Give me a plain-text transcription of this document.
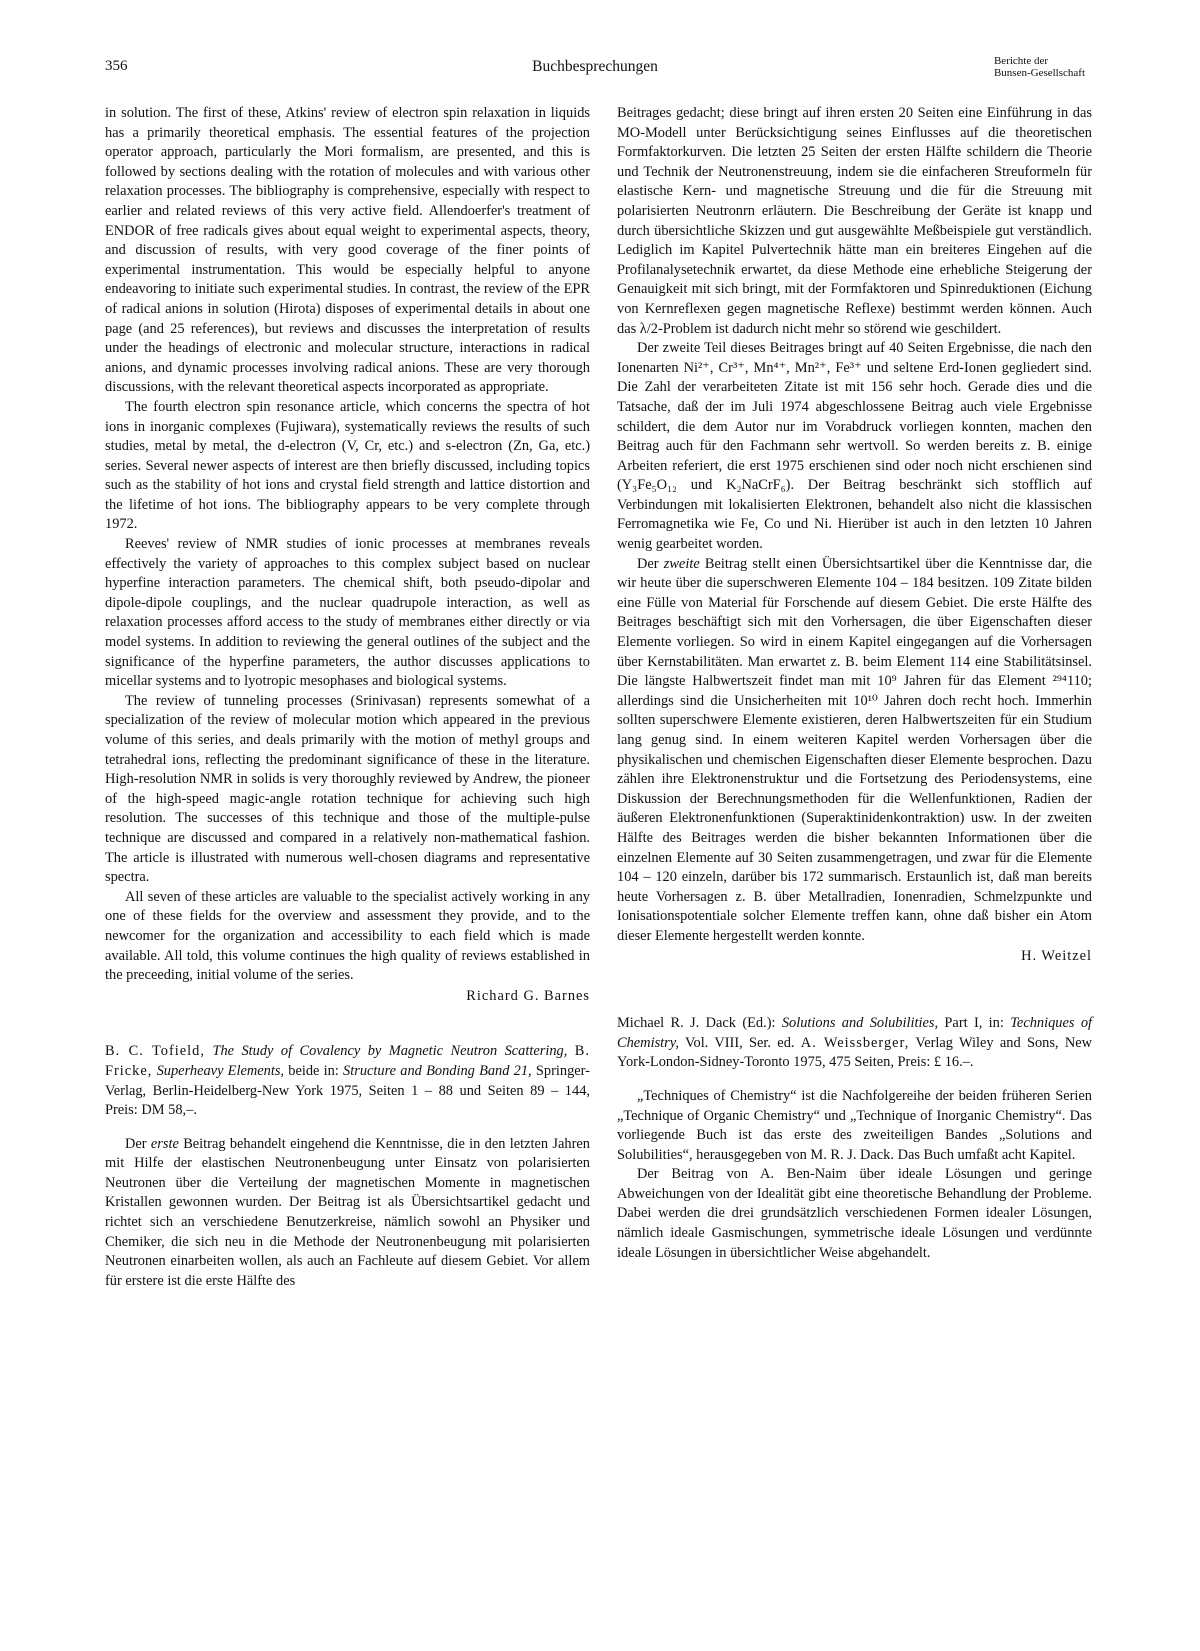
356	Buchbesprechungen	Berichte der
Bunsen-Gesellschaft

in solution. The first of these, Atkins' review of electron spin relaxation in liquids has a primarily theoretical emphasis. The essential features of the projection operator approach, particularly the Mori formalism, are presented, and this is followed by sections dealing with the rotation of molecules and with various other relaxation processes. The bibliography is comprehensive, especially with respect to earlier and related reviews of this very active field. Allendoerfer's treatment of ENDOR of free radicals gives about equal weight to experimental aspects, theory, and discussion of results, with very good coverage of the finer points of experimental instrumentation. This would be especially helpful to anyone endeavoring to initiate such experimental studies. In contrast, the review of the EPR of radical anions in solution (Hirota) disposes of experimental details in about one page (and 25 references), but reviews and discusses the interpretation of results under the headings of electronic and molecular structure, interactions in radical anions, and dynamic processes involving radical anions. These are very thorough discussions, with the relevant theoretical aspects incorporated as appropriate.

The fourth electron spin resonance article, which concerns the spectra of hot ions in inorganic complexes (Fujiwara), systematically reviews the results of such studies, metal by metal, the d-electron (V, Cr, etc.) and s-electron (Zn, Ga, etc.) series. Several newer aspects of interest are then briefly discussed, including topics such as the stability of hot ions and crystal field strength and lattice distortion and the lifetime of hot ions. The bibliography appears to be very complete through 1972.

Reeves' review of NMR studies of ionic processes at membranes reveals effectively the variety of approaches to this complex subject based on nuclear hyperfine interaction parameters. The chemical shift, both pseudo-dipolar and dipole-dipole couplings, and the nuclear quadrupole interaction, as well as relaxation processes afford access to the study of membranes either directly or via model systems. In addition to reviewing the general outlines of the subject and the significance of the hyperfine parameters, the author discusses applications to micellar systems and to lyotropic mesophases and biological systems.

The review of tunneling processes (Srinivasan) represents somewhat of a specialization of the review of molecular motion which appeared in the previous volume of this series, and deals primarily with the motion of methyl groups and tetrahedral ions, reflecting the predominant significance of these in the literature. High-resolution NMR in solids is very thoroughly reviewed by Andrew, the pioneer of the high-speed magic-angle rotation technique for achieving such high resolution. The successes of this technique and those of the multiple-pulse technique are discussed and compared in a relatively non-mathematical fashion. The article is illustrated with numerous well-chosen diagrams and representative spectra.

All seven of these articles are valuable to the specialist actively working in any one of these fields for the overview and assessment they provide, and to the newcomer for the organization and accessibility to each field which is made available. All told, this volume continues the high quality of reviews established in the preceeding, initial volume of the series.

Richard G. Barnes

B. C. Tofield, The Study of Covalency by Magnetic Neutron Scattering, B. Fricke, Superheavy Elements, beide in: Structure and Bonding Band 21, Springer-Verlag, Berlin-Heidelberg-New York 1975, Seiten 1 – 88 und Seiten 89 – 144, Preis: DM 58,–.

Der erste Beitrag behandelt eingehend die Kenntnisse, die in den letzten Jahren mit Hilfe der elastischen Neutronenbeugung unter Einsatz von polarisierten Neutronen über die Verteilung der magnetischen Momente in magnetischen Kristallen gewonnen wurden. Der Beitrag ist als Übersichtsartikel gedacht und richtet sich an verschiedene Benutzerkreise, nämlich sowohl an Physiker und Chemiker, die sich neu in die Methode der Neutronenbeugung mit polarisierten Neutronen einarbeiten wollen, als auch an Fachleute auf diesem Gebiet. Vor allem für erstere ist die erste Hälfte des

Beitrages gedacht; diese bringt auf ihren ersten 20 Seiten eine Einführung in das MO-Modell unter Berücksichtigung seines Einflusses auf die theoretischen Formfaktorkurven. Die letzten 25 Seiten der ersten Hälfte schildern die Theorie und Technik der Neutronenstreuung, indem sie die einfacheren Streuformeln für elastische Kern- und magnetische Streuung und die für die Streuung mit polarisierten Neutronrn erläutern. Die Beschreibung der Geräte ist knapp und durch übersichtliche Skizzen und gut ausgewählte Meßbeispiele gut verständlich. Lediglich im Kapitel Pulvertechnik hätte man ein breiteres Eingehen auf die Profilanalysetechnik erwartet, da diese Methode eine erhebliche Steigerung der Genauigkeit mit sich bringt, mit der Formfaktoren und Spinreduktionen (Eichung von Kernreflexen gegen magnetische Reflexe) bestimmt werden können. Auch das λ/2-Problem ist dadurch nicht mehr so störend wie geschildert.

Der zweite Teil dieses Beitrages bringt auf 40 Seiten Ergebnisse, die nach den Ionenarten Ni²⁺, Cr³⁺, Mn⁴⁺, Mn²⁺, Fe³⁺ und seltene Erd-Ionen gegliedert sind. Die Zahl der verarbeiteten Zitate ist mit 156 sehr hoch. Gerade dies und die Tatsache, daß der im Juli 1974 abgeschlossene Beitrag auch viele Ergebnisse schildert, die dem Autor nur im Vorabdruck vorliegen konnten, machen den Beitrag auch für den Fachmann sehr wertvoll. So werden bereits z. B. einige Arbeiten referiert, die erst 1975 erschienen sind oder noch nicht erschienen sind (Y₃Fe₅O₁₂ und K₂NaCrF₆). Der Beitrag beschränkt sich stofflich auf Verbindungen mit lokalisierten Elektronen, behandelt also nicht die klassischen Ferromagnetika wie Fe, Co und Ni. Hierüber ist auch in den letzten 10 Jahren wenig gearbeitet worden.

Der zweite Beitrag stellt einen Übersichtsartikel über die Kenntnisse dar, die wir heute über die superschweren Elemente 104 – 184 besitzen. 109 Zitate bilden eine Fülle von Material für Forschende auf diesem Gebiet. Die erste Hälfte des Beitrages beschäftigt sich mit den Vorhersagen, die über Eigenschaften dieser Elemente vorliegen. So wird in einem Kapitel eingegangen auf die Vorhersagen über Kernstabilitäten. Man erwartet z. B. beim Element 114 eine Stabilitätsinsel. Die längste Halbwertszeit findet man mit 10⁹ Jahren für das Element ²⁹⁴110; allerdings sind die Unsicherheiten mit 10¹⁰ Jahren doch recht hoch. Immerhin sollten superschwere Elemente existieren, deren Halbwertszeiten für ein Studium lang genug sind. In einem weiteren Kapitel werden Vorhersagen über die physikalischen und chemischen Eigenschaften dieser Elemente besprochen. Dazu zählen ihre Elektronenstruktur und die Fortsetzung des Periodensystems, eine Diskussion der Berechnungsmethoden für die Wellenfunktionen, Radien der äußeren Elektronenfunktionen (Superaktinidenkontraktion) usw. In der zweiten Hälfte des Beitrages werden die bisher bekannten Informationen über die einzelnen Elemente auf 30 Seiten zusammengetragen, und zwar für die Elemente 104 – 120 einzeln, darüber bis 172 summarisch. Erstaunlich ist, daß man bereits heute Vorhersagen z. B. über Metallradien, Ionenradien, Schmelzpunkte und Ionisationspotentiale solcher Elemente treffen kann, ohne daß bisher ein Atom dieser Elemente hergestellt werden konnte.

H. Weitzel

Michael R. J. Dack (Ed.): Solutions and Solubilities, Part I, in: Techniques of Chemistry, Vol. VIII, Ser. ed. A. Weissberger, Verlag Wiley and Sons, New York-London-Sidney-Toronto 1975, 475 Seiten, Preis: £ 16.–.

„Techniques of Chemistry“ ist die Nachfolgereihe der beiden früheren Serien „Technique of Organic Chemistry“ und „Technique of Inorganic Chemistry“. Das vorliegende Buch ist das erste des zweiteiligen Bandes „Solutions and Solubilities“, herausgegeben von M. R. J. Dack. Das Buch umfaßt acht Kapitel.

Der Beitrag von A. Ben-Naim über ideale Lösungen und geringe Abweichungen von der Idealität gibt eine theoretische Behandlung der Probleme. Dabei werden die drei grundsätzlich verschiedenen Formen idealer Lösungen, nämlich ideale Gasmischungen, symmetrische ideale Lösungen und verdünnte ideale Lösungen in übersichtlicher Weise abgehandelt.
